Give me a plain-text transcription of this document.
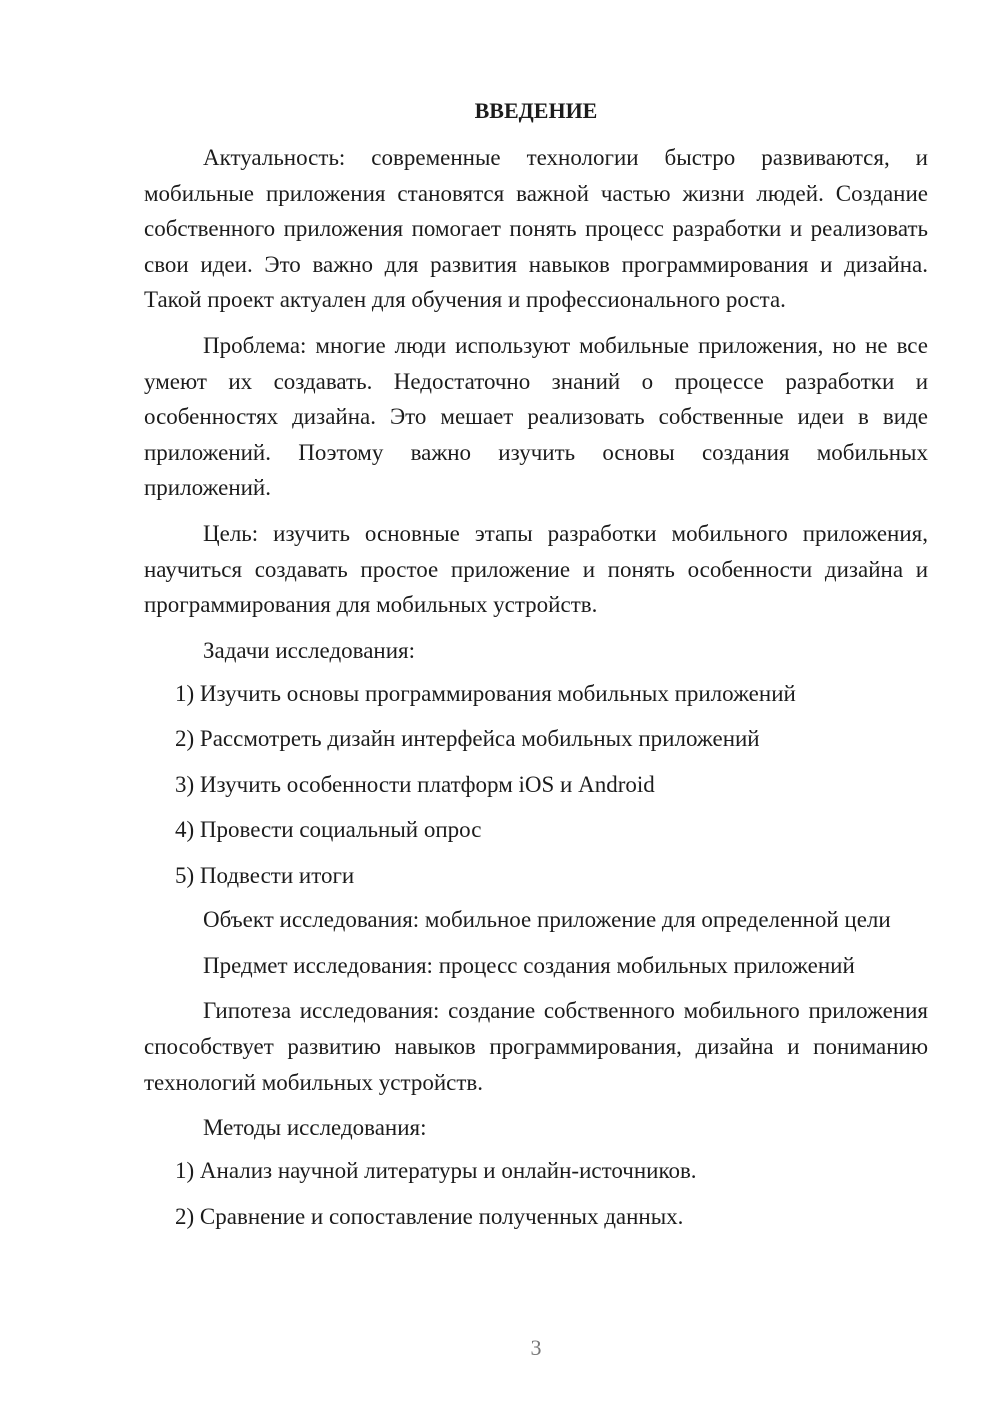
ВВЕДЕНИЕ

Актуальность: современные технологии быстро развиваются, и мобильные приложения становятся важной частью жизни людей. Создание собственного приложения помогает понять процесс разработки и реализовать свои идеи. Это важно для развития навыков программирования и дизайна. Такой проект актуален для обучения и профессионального роста.

Проблема: многие люди используют мобильные приложения, но не все умеют их создавать. Недостаточно знаний о процессе разработки и особенностях дизайна. Это мешает реализовать собственные идеи в виде приложений. Поэтому важно изучить основы создания мобильных приложений.

Цель: изучить основные этапы разработки мобильного приложения, научиться создавать простое приложение и понять особенности дизайна и программирования для мобильных устройств.

Задачи исследования:

1) Изучить основы программирования мобильных приложений

2) Рассмотреть дизайн интерфейса мобильных приложений

3) Изучить особенности платформ iOS и Android

4) Провести социальный опрос

5) Подвести итоги

Объект исследования: мобильное приложение для определенной цели

Предмет исследования: процесс создания мобильных приложений

Гипотеза исследования: создание собственного мобильного приложения способствует развитию навыков программирования, дизайна и пониманию технологий мобильных устройств.

Методы исследования:

1) Анализ научной литературы и онлайн-источников.

2) Сравнение и сопоставление полученных данных.

3
